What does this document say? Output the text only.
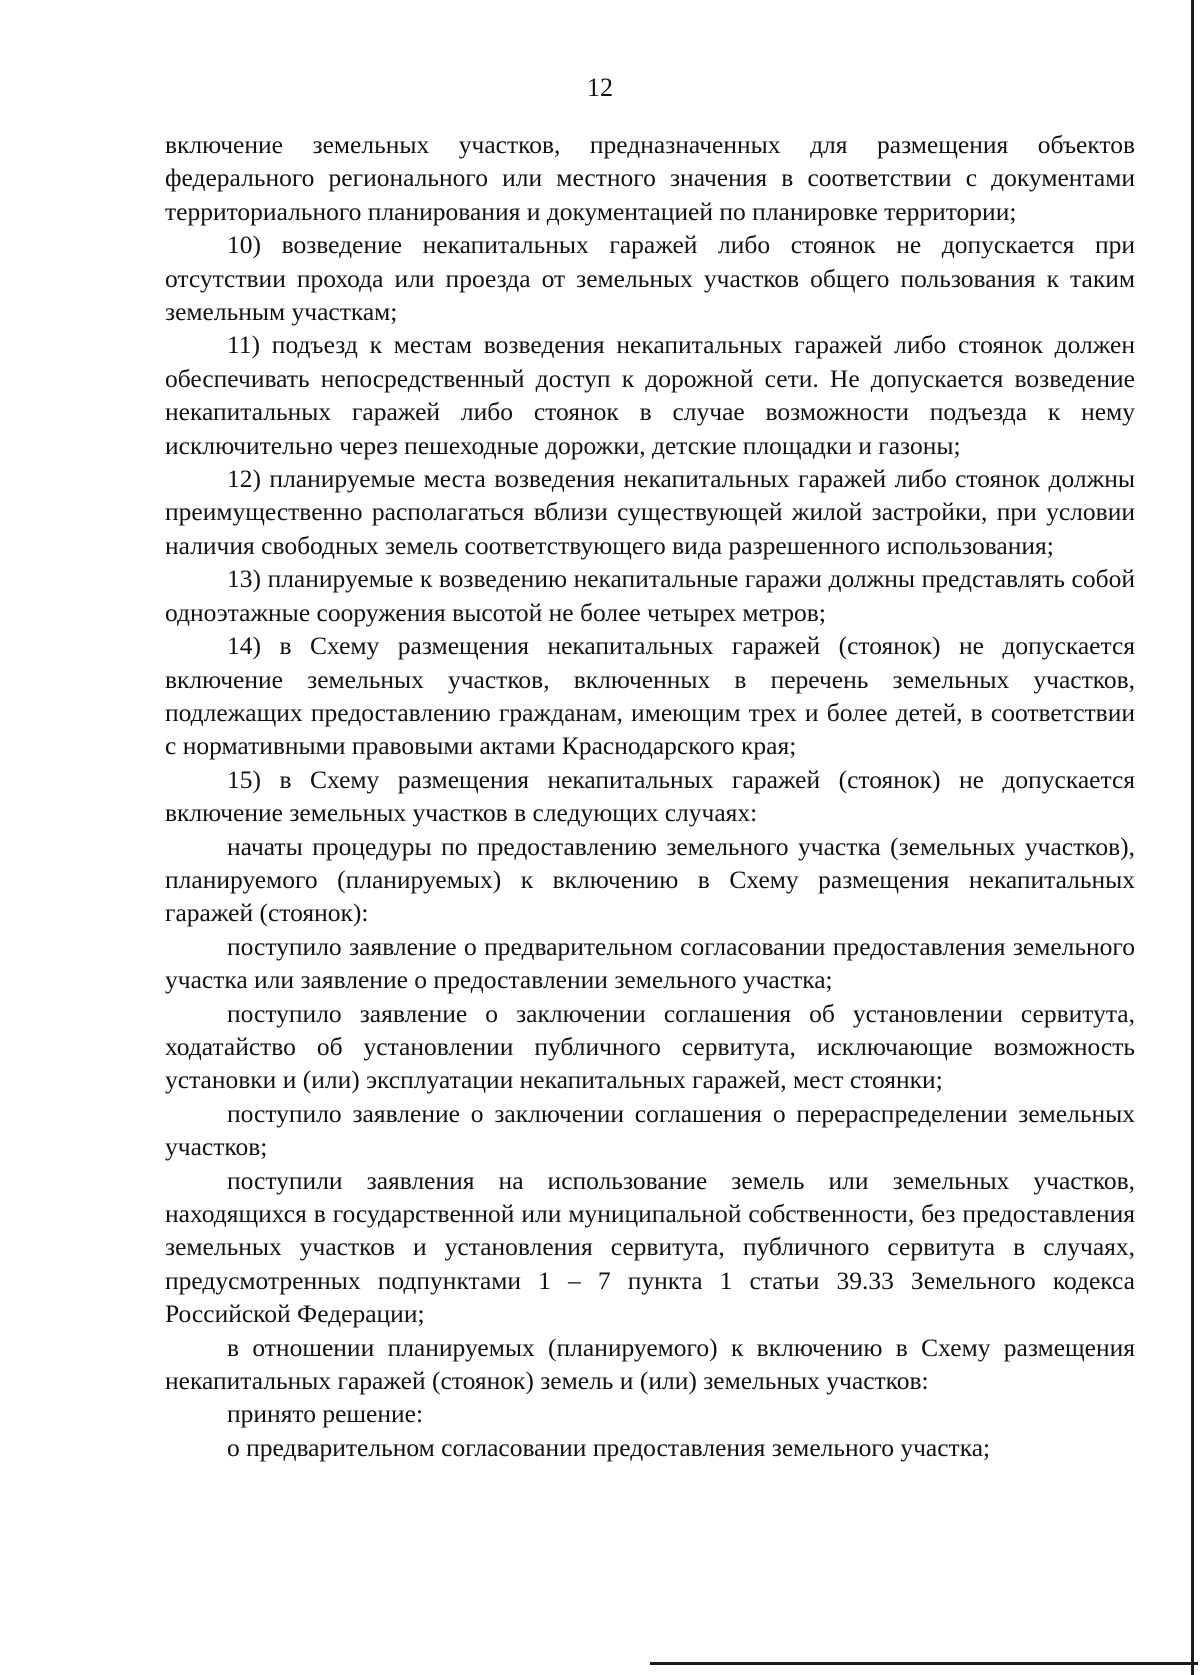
12

включение земельных участков, предназначенных для размещения объектов федерального регионального или местного значения в соответствии с документами территориального планирования и документацией по планировке территории;

10) возведение некапитальных гаражей либо стоянок не допускается при отсутствии прохода или проезда от земельных участков общего пользования к таким земельным участкам;

11) подъезд к местам возведения некапитальных гаражей либо стоянок должен обеспечивать непосредственный доступ к дорожной сети. Не допускается возведение некапитальных гаражей либо стоянок в случае возможности подъезда к нему исключительно через пешеходные дорожки, детские площадки и газоны;

12) планируемые места возведения некапитальных гаражей либо стоянок должны преимущественно располагаться вблизи существующей жилой застройки, при условии наличия свободных земель соответствующего вида разрешенного использования;

13) планируемые к возведению некапитальные гаражи должны представлять собой одноэтажные сооружения высотой не более четырех метров;

14) в Схему размещения некапитальных гаражей (стоянок) не допускается включение земельных участков, включенных в перечень земельных участков, подлежащих предоставлению гражданам, имеющим трех и более детей, в соответствии с нормативными правовыми актами Краснодарского края;

15) в Схему размещения некапитальных гаражей (стоянок) не допускается включение земельных участков в следующих случаях:

начаты процедуры по предоставлению земельного участка (земельных участков), планируемого (планируемых) к включению в Схему размещения некапитальных гаражей (стоянок):

поступило заявление о предварительном согласовании предоставления земельного участка или заявление о предоставлении земельного участка;

поступило заявление о заключении соглашения об установлении сервитута, ходатайство об установлении публичного сервитута, исключающие возможность установки и (или) эксплуатации некапитальных гаражей, мест стоянки;

поступило заявление о заключении соглашения о перераспределении земельных участков;

поступили заявления на использование земель или земельных участков, находящихся в государственной или муниципальной собственности, без предоставления земельных участков и установления сервитута, публичного сервитута в случаях, предусмотренных подпунктами 1 – 7 пункта 1 статьи 39.33 Земельного кодекса Российской Федерации;

в отношении планируемых (планируемого) к включению в Схему размещения некапитальных гаражей (стоянок) земель и (или) земельных участков:

принято решение:

о предварительном согласовании предоставления земельного участка;
